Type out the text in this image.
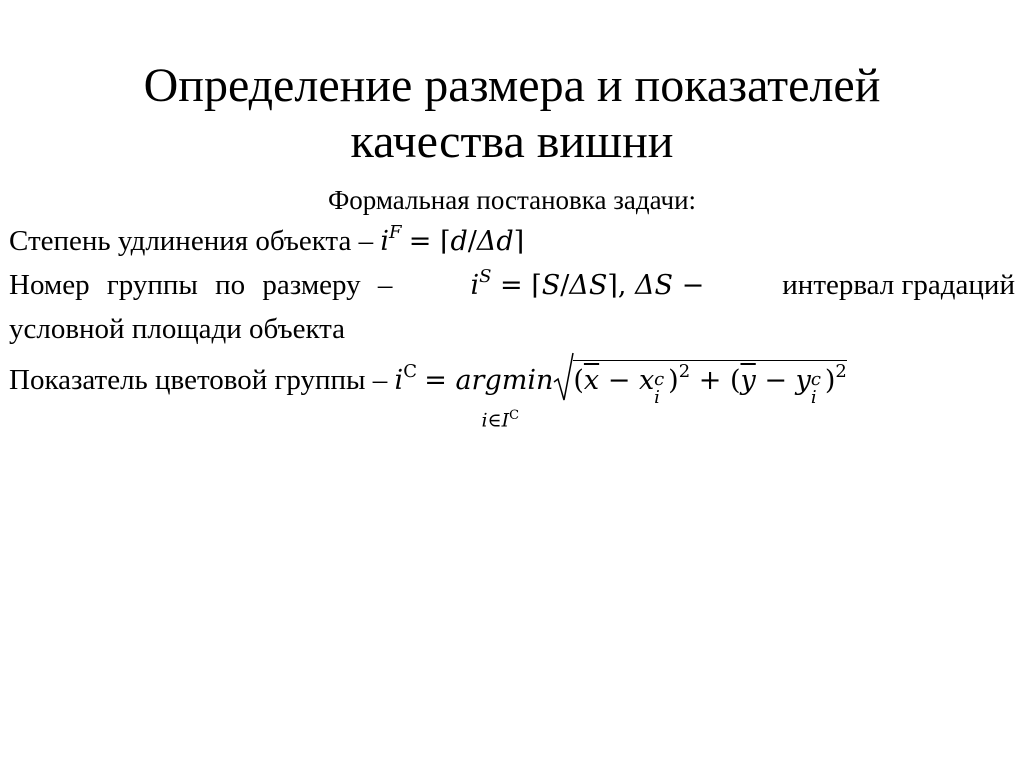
Определение размера и показателей
качества вишни
Формальная постановка задачи:
Степень удлинения объекта – $i^F$ = ⌈d/Δd⌉
Номер группы по размеру –	$i^S$ = ⌈S/ΔS⌉, ΔS −	интервал градаций
условной площади объекта
Показатель цветовой группы – $i^С = argmin$
$i\in I^С$
($\overline{x} - x$ c
i
)$^2 + (\overline{y} - y$ c
i
)$^2$
